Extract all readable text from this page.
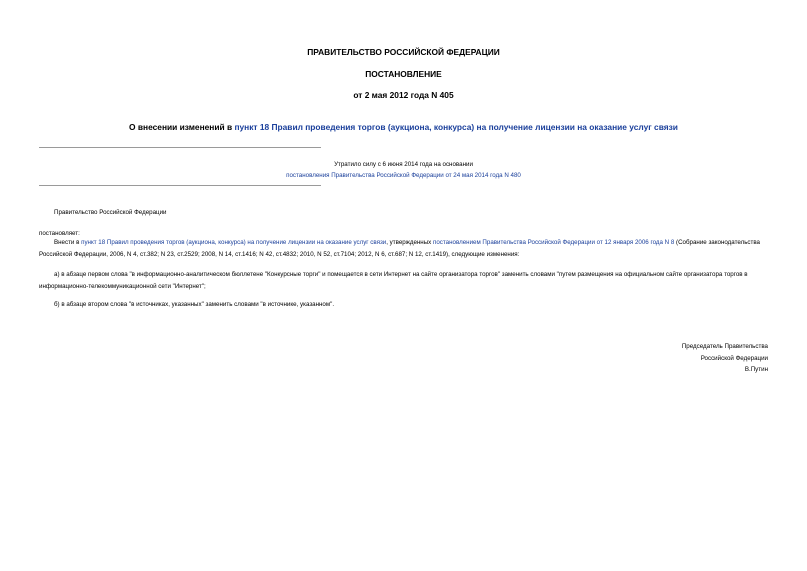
ПРАВИТЕЛЬСТВО РОССИЙСКОЙ ФЕДЕРАЦИИ
ПОСТАНОВЛЕНИЕ
от 2 мая 2012 года N 405
О внесении изменений в пункт 18 Правил проведения торгов (аукциона, конкурса) на получение лицензии на оказание услуг связи
Утратило силу с 6 июня 2014 года на основании
постановления Правительства Российской Федерации от 24 мая 2014 года N 480
Правительство Российской Федерации
постановляет:
Внести в пункт 18 Правил проведения торгов (аукциона, конкурса) на получение лицензии на оказание услуг связи, утвержденных постановлением Правительства Российской Федерации от 12 января 2006 года N 8 (Собрание законодательства Российской Федерации, 2006, N 4, ст.382; N 23, ст.2529; 2008, N 14, ст.1416; N 42, ст.4832; 2010, N 52, ст.7104; 2012, N 6, ст.687; N 12, ст.1419), следующие изменения:
а) в абзаце первом слова "в информационно-аналитическом бюллетене "Конкурсные торги" и помещается в сети Интернет на сайте организатора торгов" заменить словами "путем размещения на официальном сайте организатора торгов в информационно-телекоммуникационной сети "Интернет";
б) в абзаце втором слова "в источниках, указанных" заменить словами "в источнике, указанном".
Председатель Правительства
Российской Федерации
В.Путин
